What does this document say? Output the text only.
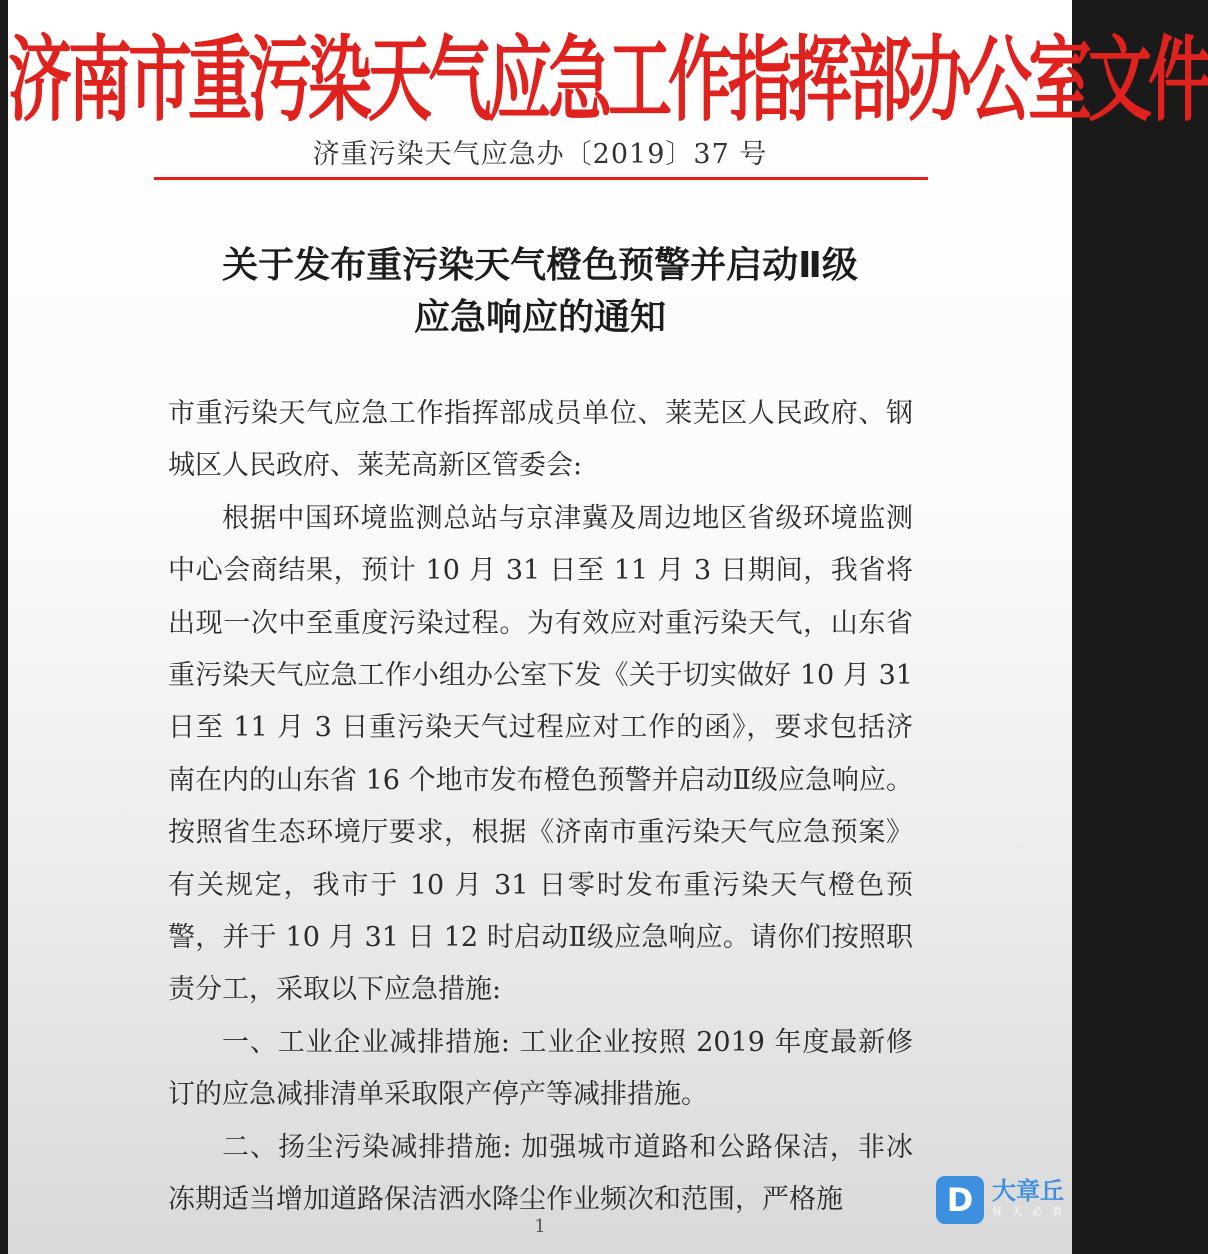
济南市重污染天气应急工作指挥部办公室文件
济重污染天气应急办〔2019〕37 号
关于发布重污染天气橙色预警并启动Ⅱ级
应急响应的通知

市重污染天气应急工作指挥部成员单位、莱芜区人民政府、钢城区人民政府、莱芜高新区管委会:

根据中国环境监测总站与京津冀及周边地区省级环境监测中心会商结果，预计 10 月 31 日至 11 月 3 日期间，我省将出现一次中至重度污染过程。为有效应对重污染天气，山东省重污染天气应急工作小组办公室下发《关于切实做好 10 月 31 日至 11 月 3 日重污染天气过程应对工作的函》，要求包括济南在内的山东省 16 个地市发布橙色预警并启动Ⅱ级应急响应。按照省生态环境厅要求，根据《济南市重污染天气应急预案》有关规定，我市于 10 月 31 日零时发布重污染天气橙色预警，并于 10 月 31 日 12 时启动Ⅱ级应急响应。请你们按照职责分工，采取以下应急措施:

一、工业企业减排措施: 工业企业按照 2019 年度最新修订的应急减排清单采取限产停产等减排措施。

二、扬尘污染减排措施: 加强城市道路和公路保洁，非冰冻期适当增加道路保洁洒水降尘作业频次和范围，严格施

1
D 大章丘
每天必看
